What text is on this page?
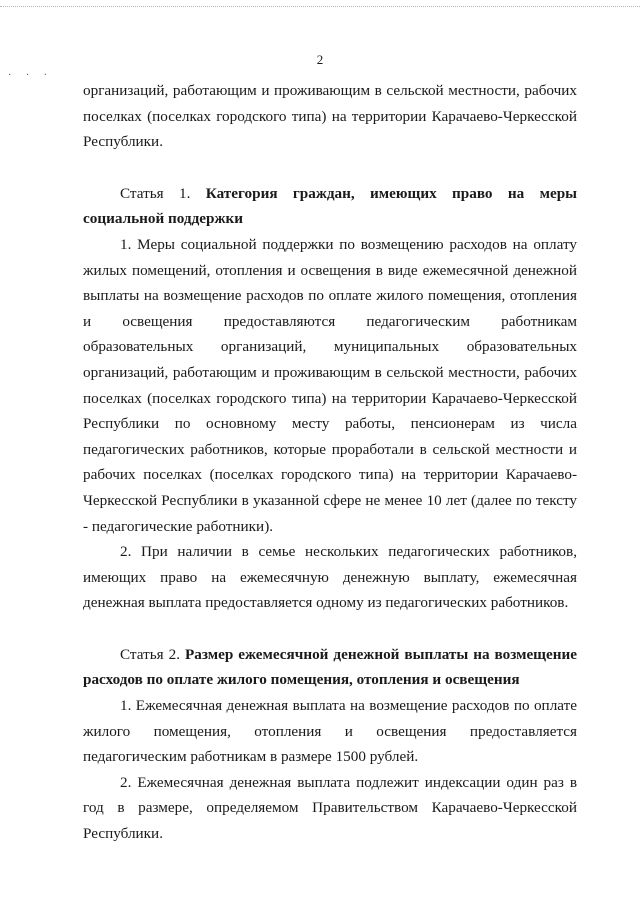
· · ·
2

организаций, работающим и проживающим в сельской местности, рабочих поселках (поселках городского типа) на территории Карачаево-Черкесской Республики.

Статья 1. Категория граждан, имеющих право на меры социальной поддержки

1. Меры социальной поддержки по возмещению расходов на оплату жилых помещений, отопления и освещения в виде ежемесячной денежной выплаты на возмещение расходов по оплате жилого помещения, отопления и освещения предоставляются педагогическим работникам образовательных организаций, муниципальных образовательных организаций, работающим и проживающим в сельской местности, рабочих поселках (поселках городского типа) на территории Карачаево-Черкесской Республики по основному месту работы, пенсионерам из числа педагогических работников, которые проработали в сельской местности и рабочих поселках (поселках городского типа) на территории Карачаево-Черкесской Республики в указанной сфере не менее 10 лет (далее по тексту - педагогические работники).

2. При наличии в семье нескольких педагогических работников, имеющих право на ежемесячную денежную выплату, ежемесячная денежная выплата предоставляется одному из педагогических работников.

Статья 2. Размер ежемесячной денежной выплаты на возмещение расходов по оплате жилого помещения, отопления и освещения

1. Ежемесячная денежная выплата на возмещение расходов по оплате жилого помещения, отопления и освещения предоставляется педагогическим работникам в размере 1500 рублей.

2. Ежемесячная денежная выплата подлежит индексации один раз в год в размере, определяемом Правительством Карачаево-Черкесской Республики.
